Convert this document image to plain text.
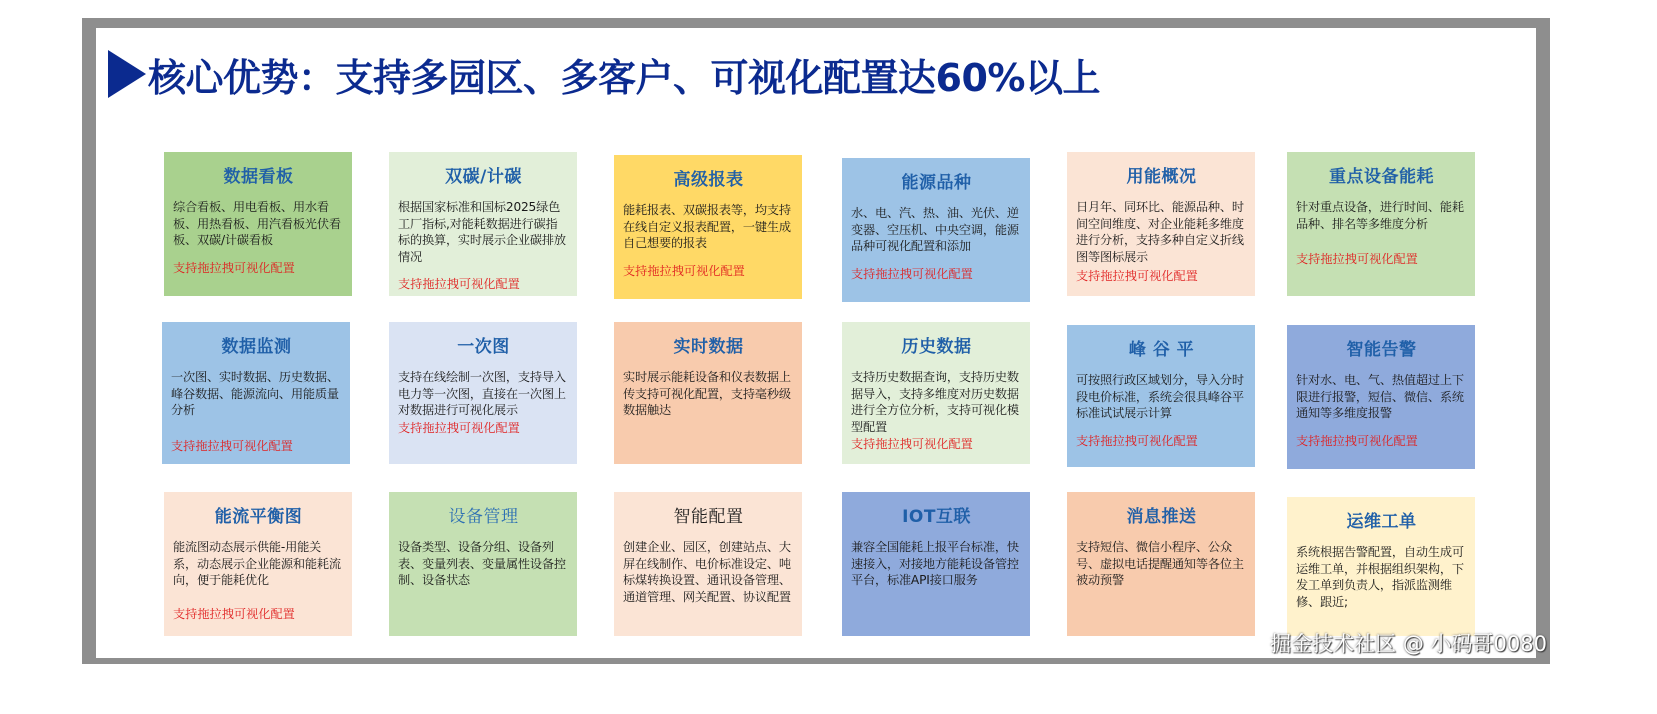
核心优势：支持多园区、多客户、可视化配置达60%以上
数据看板
综合看板、用电看板、用水看板、用热看板、用汽看板光伏看板、双碳/计碳看板
支持拖拉拽可视化配置
双碳/计碳
根据国家标准和国标2025绿色工厂指标,对能耗数据进行碳指标的换算，实时展示企业碳排放情况
支持拖拉拽可视化配置
高级报表
能耗报表、双碳报表等，均支持在线自定义报表配置，一键生成自己想要的报表
支持拖拉拽可视化配置
能源品种
水、电、汽、热、油、光伏、逆变器、空压机、中央空调，能源品种可视化配置和添加
支持拖拉拽可视化配置
用能概况
日月年、同环比、能源品种、时间空间维度、对企业能耗多维度进行分析，支持多种自定义折线图等图标展示
支持拖拉拽可视化配置
重点设备能耗
针对重点设备，进行时间、能耗品种、排名等多维度分析
支持拖拉拽可视化配置
数据监测
一次图、实时数据、历史数据、峰谷数据、能源流向、用能质量分析
支持拖拉拽可视化配置
一次图
支持在线绘制一次图，支持导入电力等一次图，直接在一次图上对数据进行可视化展示
支持拖拉拽可视化配置
实时数据
实时展示能耗设备和仪表数据上传支持可视化配置，支持毫秒级数据触达
历史数据
支持历史数据查询，支持历史数据导入，支持多维度对历史数据进行全方位分析，支持可视化模型配置
支持拖拉拽可视化配置
峰 谷 平
可按照行政区域划分，导入分时段电价标准，系统会很具峰谷平标准试试展示计算
支持拖拉拽可视化配置
智能告警
针对水、电、气、热值超过上下限进行报警，短信、微信、系统通知等多维度报警
支持拖拉拽可视化配置
能流平衡图
能流图动态展示供能-用能关系，动态展示企业能源和能耗流向，便于能耗优化
支持拖拉拽可视化配置
设备管理
设备类型、设备分组、设备列表、变量列表、变量属性设备控制、设备状态
智能配置
创建企业、园区，创建站点、大屏在线制作、电价标准设定、吨标煤转换设置、通讯设备管理、通道管理、网关配置、协议配置
IOT互联
兼容全国能耗上报平台标准，快速接入，对接地方能耗设备管控平台，标准API接口服务
消息推送
支持短信、微信小程序、公众号、虚拟电话提醒通知等各位主被动预警
运维工单
系统根据告警配置，自动生成可运维工单，并根据组织架构，下发工单到负责人，指派监测维修、跟近;
掘金技术社区 @ 小码哥0080
